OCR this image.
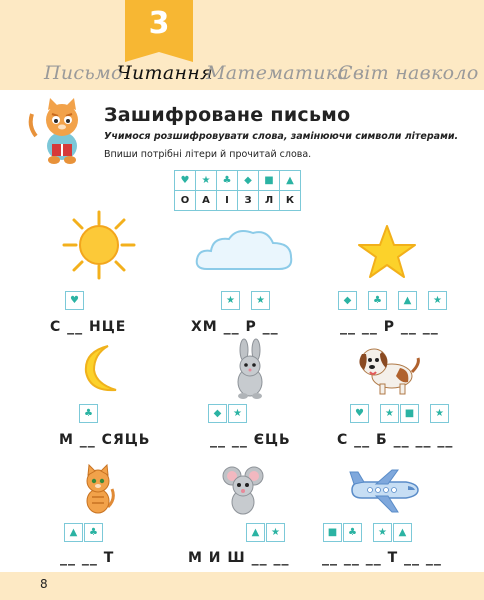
3
Письмо
Читання
Математика
Світ навколо
Зашифроване письмо
Учимося розшифровувати слова, замінюючи символи літерами.
Впиши потрібні літери й прочитай слова.
♥	★	♣	◆	■	▲
О	А	І	З	Л	К
♥
С __ НЦЕ
★	★
ХМ __ Р __
◆	♣	▲	★
__ __ Р __ __
♣
М __ СЯЦЬ
◆	★
__ __ ЄЦЬ
♥	★	■	★
С __ Б __ __ __
▲	♣
__ __ Т
▲	★
М И Ш __ __
■	♣	★	▲
__ __ __ Т __ __
8
